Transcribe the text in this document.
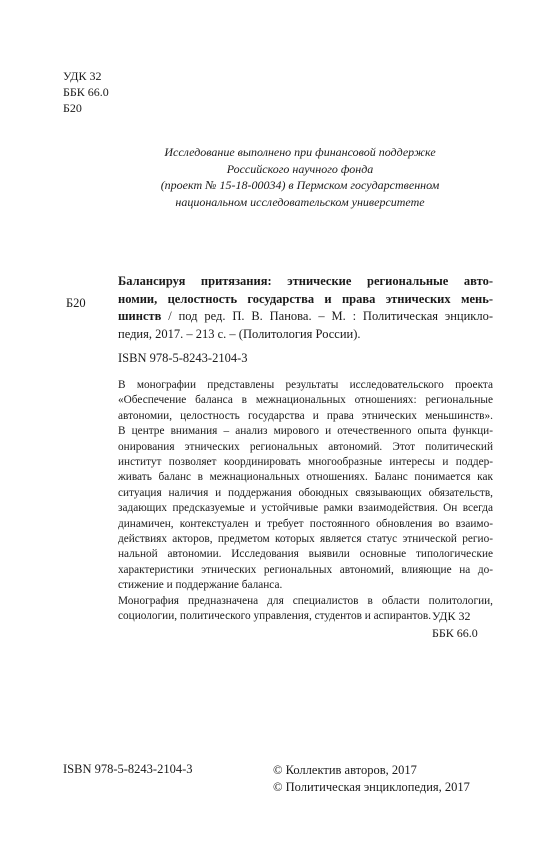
УДК 32
ББК 66.0
Б20
Исследование выполнено при финансовой поддержке
Российского научного фонда
(проект № 15-18-00034) в Пермском государственном
национальном исследовательском университете
Б20
Балансируя притязания: этнические региональные авто-
номии, целостность государства и права этнических мень-
шинств / под ред. П. В. Панова. – М. : Политическая энцикло-
педия, 2017. – 213 с. – (Политология России).
ISBN 978-5-8243-2104-3
В монографии представлены результаты исследовательского проекта
«Обеспечение баланса в межнациональных отношениях: региональные
автономии, целостность государства и права этнических меньшинств».
В центре внимания – анализ мирового и отечественного опыта функци-
онирования этнических региональных автономий. Этот политический
институт позволяет координировать многообразные интересы и поддер-
живать баланс в межнациональных отношениях. Баланс понимается как
ситуация наличия и поддержания обоюдных связывающих обязательств,
задающих предсказуемые и устойчивые рамки взаимодействия. Он всегда
динамичен, контекстуален и требует постоянного обновления во взаимо-
действиях акторов, предметом которых является статус этнической регио-
нальной автономии. Исследования выявили основные типологические
характеристики этнических региональных автономий, влияющие на до-
стижение и поддержание баланса.
Монография предназначена для специалистов в области политологии,
социологии, политического управления, студентов и аспирантов. УДК 32
ББК 66.0
ISBN 978-5-8243-2104-3	© Коллектив авторов, 2017
© Политическая энциклопедия, 2017
